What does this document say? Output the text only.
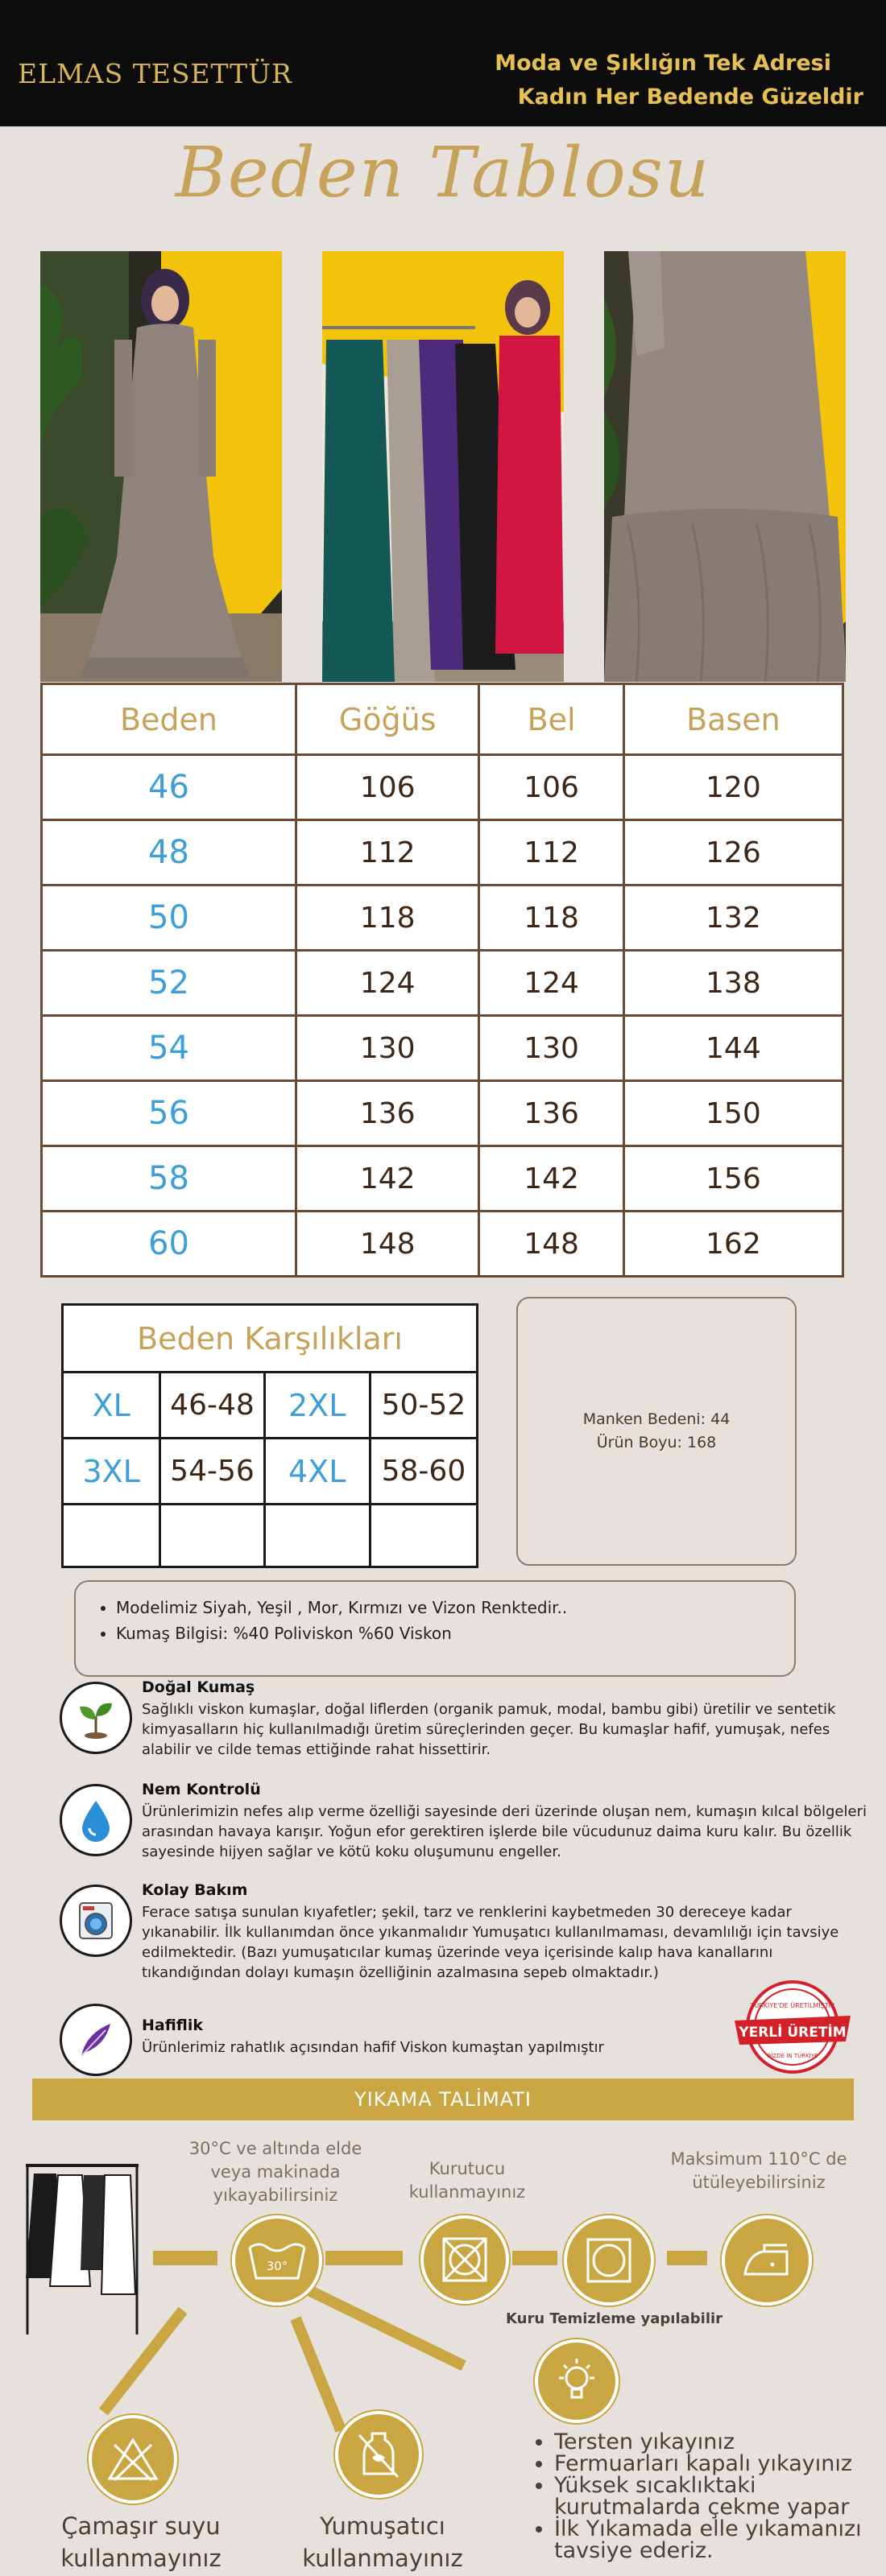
ELMAS TESETTÜR	Moda ve Şıklığın Tek Adresi
Kadın Her Bedende Güzeldir
Beden Tablosu
Beden	Göğüs	Bel	Basen
46	106	106	120
48	112	112	126
50	118	118	132
52	124	124	138
54	130	130	144
56	136	136	150
58	142	142	156
60	148	148	162
Beden Karşılıkları			
XL	46-48	2XL	50-52
3XL	54-56	4XL	58-60

Manken Bedeni: 44
Ürün Boyu: 168
• Modelimiz Siyah, Yeşil , Mor, Kırmızı ve Vizon Renktedir..
• Kumaş Bilgisi: %40 Poliviskon %60 Viskon
Doğal Kumaş
Sağlıklı viskon kumaşlar, doğal liflerden (organik pamuk, modal, bambu gibi) üretilir ve sentetik kimyasalların hiç kullanılmadığı üretim süreçlerinden geçer. Bu kumaşlar hafif, yumuşak, nefes alabilir ve cilde temas ettiğinde rahat hissettirir.
Nem Kontrolü
Ürünlerimizin nefes alıp verme özelliği sayesinde deri üzerinde oluşan nem, kumaşın kılcal bölgeleri arasından havaya karışır. Yoğun efor gerektiren işlerde bile vücudunuz daima kuru kalır. Bu özellik sayesinde hijyen sağlar ve kötü koku oluşumunu engeller.
Kolay Bakım
Ferace satışa sunulan kıyafetler; şekil, tarz ve renklerini kaybetmeden 30 dereceye kadar yıkanabilir. İlk kullanımdan önce yıkanmalıdır Yumuşatıcı kullanılmaması, devamlılığı için tavsiye edilmektedir. (Bazı yumuşatıcılar kumaş üzerinde veya içerisinde kalıp hava kanallarını tıkandığından dolayı kumaşın özelliğinin azalmasına sepeb olmaktadır.)
Hafiflik
Ürünlerimiz rahatlık açısından hafif Viskon kumaştan yapılmıştır
TÜRKİYE'DE ÜRETİLMİŞTİR
YERLİ ÜRETİM
BİZDE İN TÜRKİYE
YIKAMA TALİMATI
30°C ve altında elde veya makinada yıkayabilirsiniz
30°
Kurutucu kullanmayınız
Maksimum 110°C de ütüleyebilirsiniz
Kuru Temizleme yapılabilir
Çamaşır suyu kullanmayınız
Yumuşatıcı kullanmayınız
• Tersten yıkayınız
• Fermuarları kapalı yıkayınız
• Yüksek sıcaklıktaki kurutmalarda çekme yapar
• İlk Yıkamada elle yıkamanızı tavsiye ederiz.
